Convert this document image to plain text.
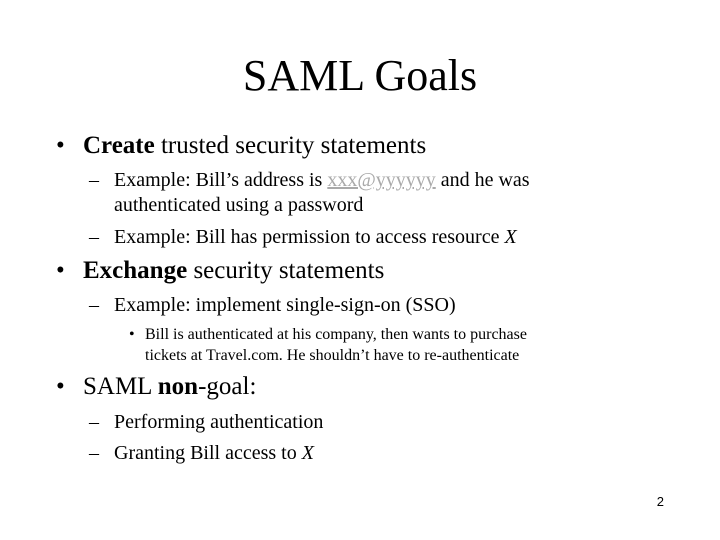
SAML Goals
• Create trusted security statements
– Example: Bill’s address is xxx@yyyyyy and he was
authenticated using a password
– Example: Bill has permission to access resource X
• Exchange security statements
– Example: implement single-sign-on (SSO)
• Bill is authenticated at his company, then wants to purchase
tickets at Travel.com. He shouldn’t have to re-authenticate
• SAML non-goal:
– Performing authentication
– Granting Bill access to X
2
